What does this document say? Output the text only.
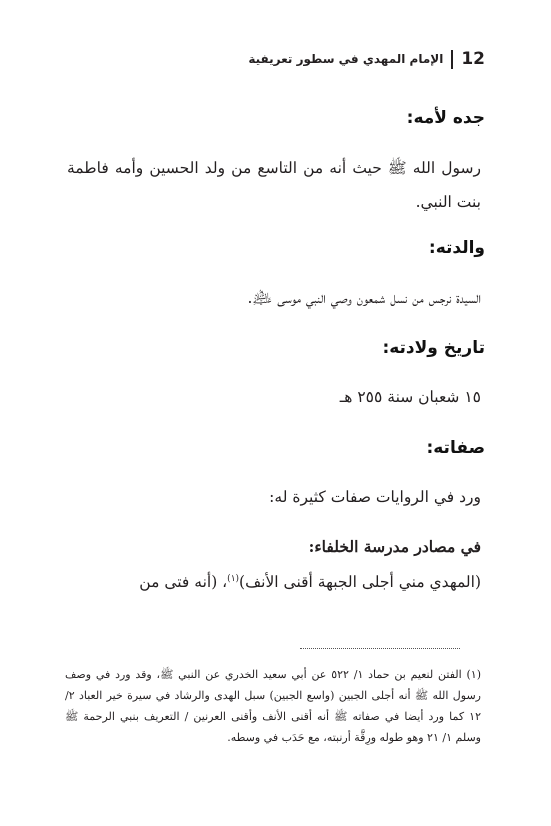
12
الإمام المهدي في سطور تعريفية
جده لأمه:
رسول الله ﷺ حيث أنه من التاسع من ولد الحسين وأمه فاطمة بنت النبي.
والدته:
السيدة نرجس من نسل شمعون وصي النبي موسى ﵇.
تاريخ ولادته:
١٥ شعبان سنة ٢٥٥ هـ
صفاته:
ورد في الروايات صفات كثيرة له:
في مصادر مدرسة الخلفاء:
(المهدي مني أجلى الجبهة أقنى الأنف)$^{(١)}$، (أنه فتى من
(١) الفتن لنعيم بن حماد ١/ ٥٢٢ عن أبي سعيد الخدري عن النبي ﷺ، وقد ورد في وصف رسول الله ﷺ أنه أجلى الجبين (واسع الجبين) سبل الهدى والرشاد في سيرة خير العباد ٢/ ١٢ كما ورد أيضا في صفاته ﷺ أنه أقنى الأنف وأقنى العرنين / التعريف بنبي الرحمة ﷺ وسلم ١/ ٢١ وهو طوله ورِقَّة أرنبته، مع حَدَب في وسطه.
